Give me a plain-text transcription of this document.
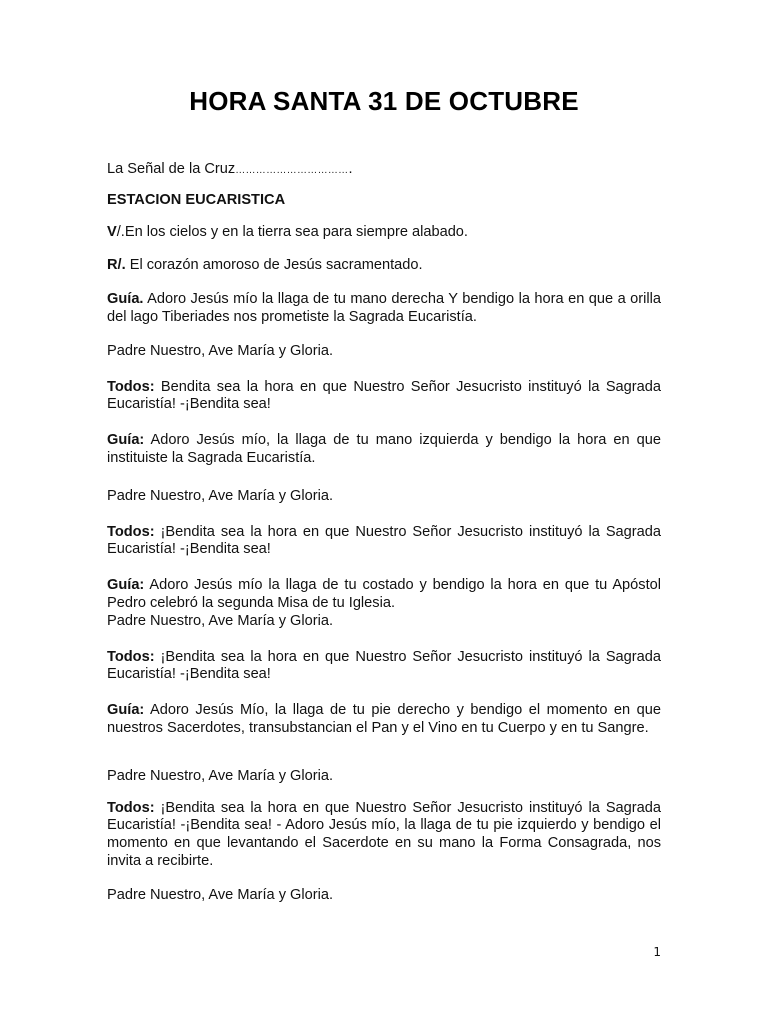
HORA SANTA 31 DE OCTUBRE

La Señal de la Cruz…………………………….

ESTACION EUCARISTICA

V/.En los cielos y en la tierra sea para siempre alabado.

R/. El corazón amoroso de Jesús sacramentado.

Guía. Adoro Jesús mío la llaga de tu mano derecha Y bendigo la hora en que a orilla del lago Tiberiades nos prometiste la Sagrada Eucaristía.

Padre Nuestro, Ave María y Gloria.

Todos: Bendita sea la hora en que Nuestro Señor Jesucristo instituyó la Sagrada Eucaristía! -¡Bendita sea!

Guía: Adoro Jesús mío, la llaga de tu mano izquierda y bendigo la hora en que instituiste la Sagrada Eucaristía.

Padre Nuestro, Ave María y Gloria.

Todos: ¡Bendita sea la hora en que Nuestro Señor Jesucristo instituyó la Sagrada Eucaristía! -¡Bendita sea!

Guía: Adoro Jesús mío la llaga de tu costado y bendigo la hora en que tu Apóstol Pedro celebró la segunda Misa de tu Iglesia.

Padre Nuestro, Ave María y Gloria.

Todos: ¡Bendita sea la hora en que Nuestro Señor Jesucristo instituyó la Sagrada Eucaristía! -¡Bendita sea!

Guía: Adoro Jesús Mío, la llaga de tu pie derecho y bendigo el momento en que nuestros Sacerdotes, transubstancian el Pan y el Vino en tu Cuerpo y en tu Sangre.

Padre Nuestro, Ave María y Gloria.

Todos: ¡Bendita sea la hora en que Nuestro Señor Jesucristo instituyó la Sagrada Eucaristía! -¡Bendita sea! - Adoro Jesús mío, la llaga de tu pie izquierdo y bendigo el momento en que levantando el Sacerdote en su mano la Forma Consagrada, nos invita a recibirte.

Padre Nuestro, Ave María y Gloria.

1
